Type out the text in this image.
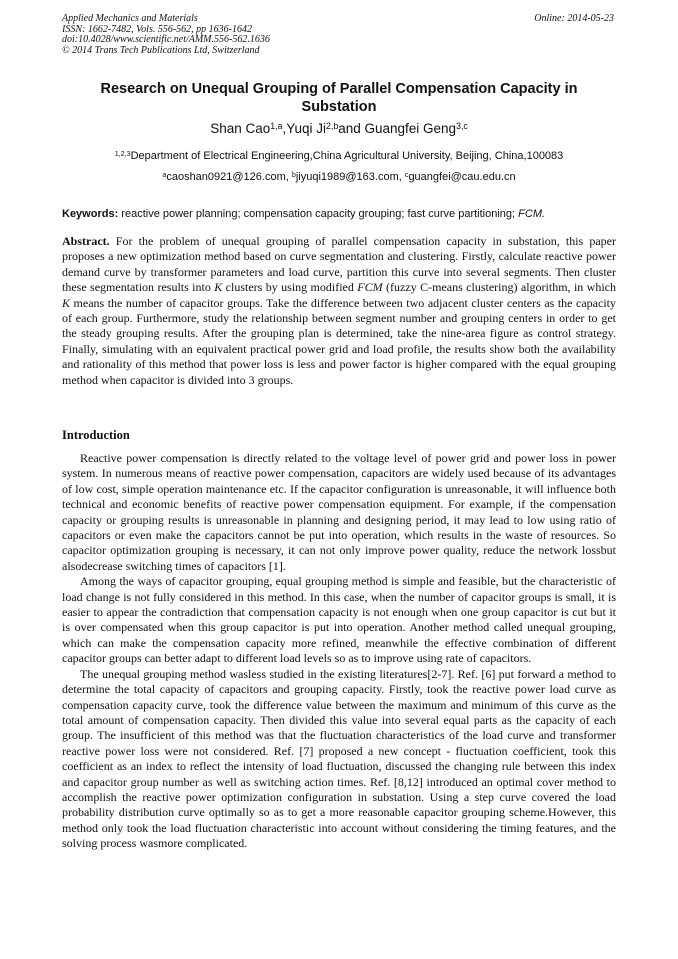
Applied Mechanics and Materials
ISSN: 1662-7482, Vols. 556-562, pp 1636-1642
doi:10.4028/www.scientific.net/AMM.556-562.1636
© 2014 Trans Tech Publications Ltd, Switzerland
Online: 2014-05-23
Research on Unequal Grouping of Parallel Compensation Capacity in
Substation
Shan Cao$^{1,a}$,Yuqi Ji$^{2,b}$and Guangfei Geng$^{3,c}$
$^{1,2,3}$Department of Electrical Engineering,China Agricultural University, Beijing, China,100083
$^a$caoshan0921@126.com, $^b$jiyuqi1989@163.com, $^c$guangfei@cau.edu.cn
Keywords: reactive power planning; compensation capacity grouping; fast curve partitioning; FCM.

Abstract. For the problem of unequal grouping of parallel compensation capacity in substation, this paper proposes a new optimization method based on curve segmentation and clustering. Firstly, calculate reactive power demand curve by transformer parameters and load curve, partition this curve into several segments. Then cluster these segmentation results into K clusters by using modified FCM (fuzzy C-means clustering) algorithm, in which K means the number of capacitor groups. Take the difference between two adjacent cluster centers as the capacity of each group. Furthermore, study the relationship between segment number and grouping centers in order to get the steady grouping results. After the grouping plan is determined, take the nine-area figure as control strategy. Finally, simulating with an equivalent practical power grid and load profile, the results show both the availability and rationality of this method that power loss is less and power factor is higher compared with the equal grouping method when capacitor is divided into 3 groups.

Introduction

Reactive power compensation is directly related to the voltage level of power grid and power loss in power system. In numerous means of reactive power compensation, capacitors are widely used because of its advantages of low cost, simple operation maintenance etc. If the capacitor configuration is unreasonable, it will influence both technical and economic benefits of reactive power compensation equipment. For example, if the compensation capacity or grouping results is unreasonable in planning and designing period, it may lead to low using ratio of capacitors or even make the capacitors cannot be put into operation, which results in the waste of resources. So capacitor optimization grouping is necessary, it can not only improve power quality, reduce the network lossbut alsodecrease switching times of capacitors [1].

Among the ways of capacitor grouping, equal grouping method is simple and feasible, but the characteristic of load change is not fully considered in this method. In this case, when the number of capacitor groups is small, it is easier to appear the contradiction that compensation capacity is not enough when one group capacitor is cut but it is over compensated when this group capacitor is put into operation. Another method called unequal grouping, which can make the compensation capacity more refined, meanwhile the effective combination of different capacitor groups can better adapt to different load levels so as to improve using rate of capacitors.

The unequal grouping method wasless studied in the existing literatures[2-7]. Ref. [6] put forward a method to determine the total capacity of capacitors and grouping capacity. Firstly, took the reactive power load curve as compensation capacity curve, took the difference value between the maximum and minimum of this curve as the total amount of compensation capacity. Then divided this value into several equal parts as the capacity of each group. The insufficient of this method was that the fluctuation characteristics of the load curve and transformer reactive power loss were not considered. Ref. [7] proposed a new concept - fluctuation coefficient, took this coefficient as an index to reflect the intensity of load fluctuation, discussed the changing rule between this index and capacitor group number as well as switching action times. Ref. [8,12] introduced an optimal cover method to accomplish the reactive power optimization configuration in substation. Using a step curve covered the load probability distribution curve optimally so as to get a more reasonable capacitor grouping scheme.However, this method only took the load fluctuation characteristic into account without considering the timing features, and the solving process wasmore complicated.
